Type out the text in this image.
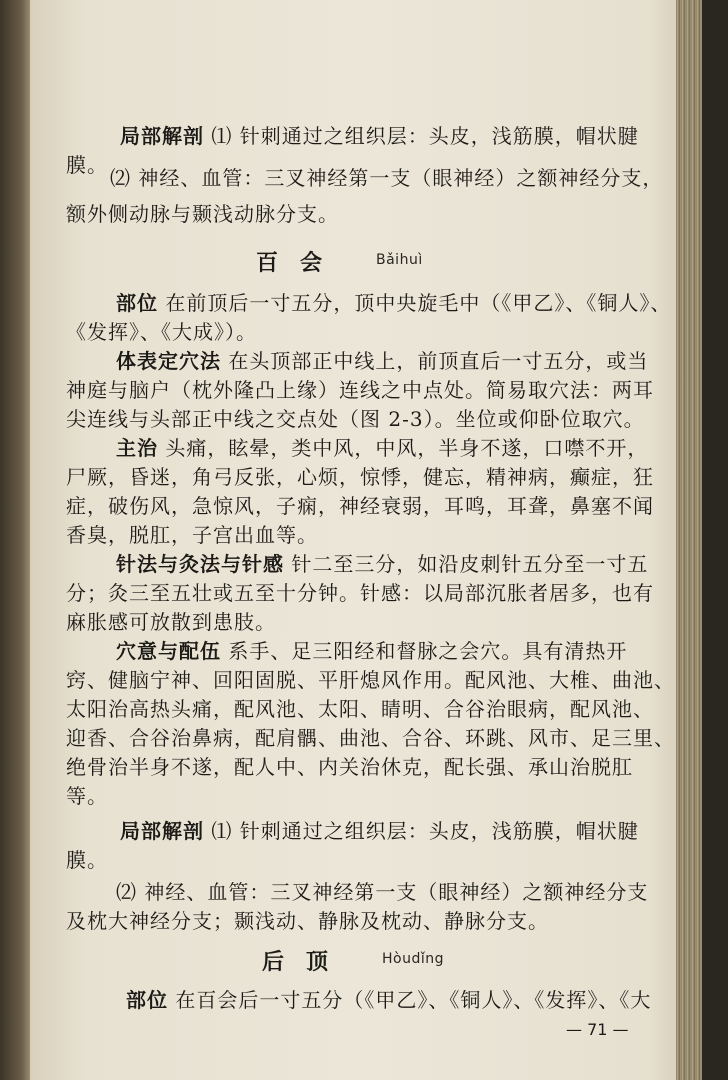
局部解剖 ⑴ 针刺通过之组织层：头皮，浅筋膜，帽状腱
膜。
⑵ 神经、血管：三叉神经第一支（眼神经）之额神经分支，
额外侧动脉与颞浅动脉分支。
百会 Bǎihuì
部位 在前顶后一寸五分，顶中央旋毛中（《甲乙》、《铜人》、
《发挥》、《大成》）。
体表定穴法 在头顶部正中线上，前顶直后一寸五分，或当
神庭与脑户（枕外隆凸上缘）连线之中点处。简易取穴法：两耳
尖连线与头部正中线之交点处（图 2-3）。坐位或仰卧位取穴。
主治 头痛，眩晕，类中风，中风，半身不遂，口噤不开，
尸厥，昏迷，角弓反张，心烦，惊悸，健忘，精神病，癫症，狂
症，破伤风，急惊风，子痫，神经衰弱，耳鸣，耳聋，鼻塞不闻
香臭，脱肛，子宫出血等。
针法与灸法与针感 针二至三分，如沿皮刺针五分至一寸五
分；灸三至五壮或五至十分钟。针感：以局部沉胀者居多，也有
麻胀感可放散到患肢。
穴意与配伍 系手、足三阳经和督脉之会穴。具有清热开
窍、健脑宁神、回阳固脱、平肝熄风作用。配风池、大椎、曲池、
太阳治高热头痛，配风池、太阳、睛明、合谷治眼病，配风池、
迎香、合谷治鼻病，配肩髃、曲池、合谷、环跳、风市、足三里、
绝骨治半身不遂，配人中、内关治休克，配长强、承山治脱肛
等。
局部解剖 ⑴ 针刺通过之组织层：头皮，浅筋膜，帽状腱
膜。
⑵ 神经、血管：三叉神经第一支（眼神经）之额神经分支
及枕大神经分支；颞浅动、静脉及枕动、静脉分支。
后顶 Hòudǐng
部位 在百会后一寸五分（《甲乙》、《铜人》、《发挥》、《大
— 71 —
